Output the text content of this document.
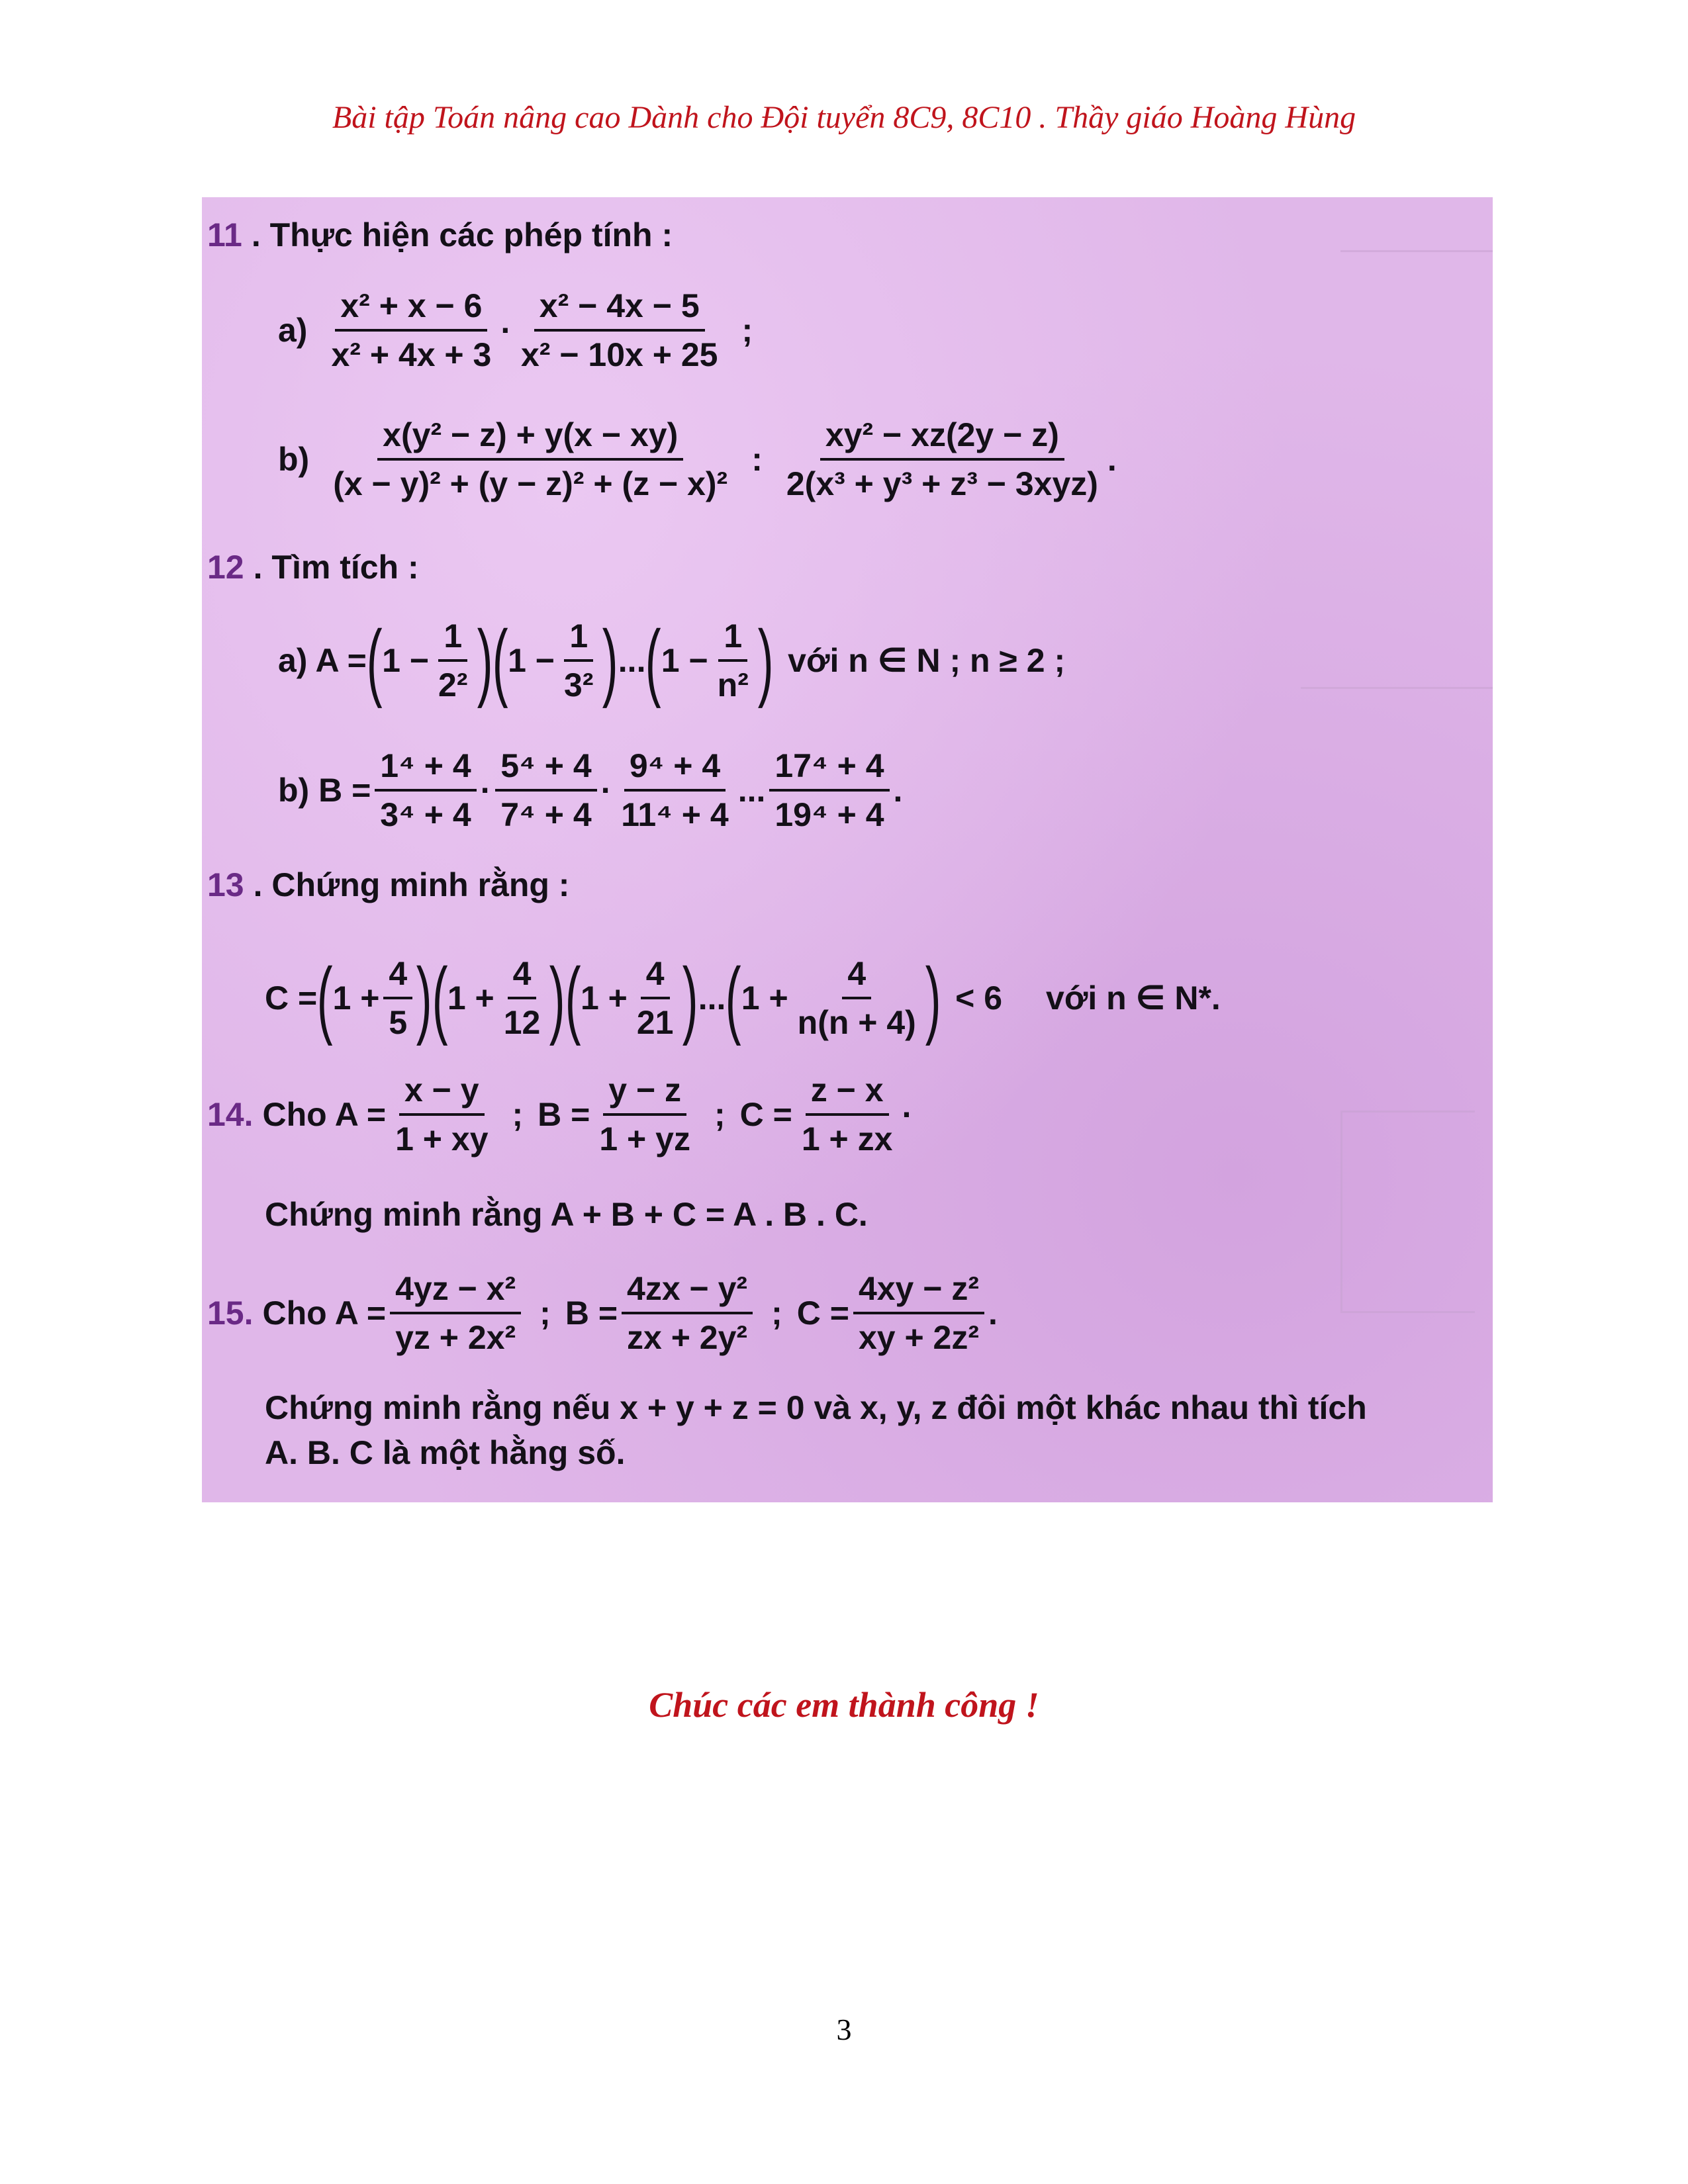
Bài tập Toán nâng cao Dành cho Đội tuyển 8C9, 8C10 . Thầy giáo Hoàng Hùng
11 . Thực hiện các phép tính :
$a) \frac{\text{x² + x − 6}}{\text{x² + 4x + 3}} \cdot \frac{\text{x² − 4x − 5}}{\text{x² − 10x + 25}}$ ;
$b) \frac{\text{x(y² − z) + y(x − xy)}}{\text{(x − y)² + (y − z)² + (z − x)²}}$ : $\frac{\text{xy² − xz(2y − z)}}{\text{2(x³ + y³ + z³ − 3xyz)}}$ .
12 . Tìm tích :
a) A = ( $1 - \frac{1}{\text{2²}}$ ) ( $1 - \frac{1}{\text{3²}}$ ) ... ( $1 - \frac{1}{\text{n²}}$ ) với n ∈ N ; n ≥ 2 ;
b) $B = \frac{\text{1⁴ + 4}}{\text{3⁴ + 4}} \cdot \frac{\text{5⁴ + 4}}{\text{7⁴ + 4}} \cdot \frac{\text{9⁴ + 4}}{\text{11⁴ + 4}}$ ... $\frac{\text{17⁴ + 4}}{\text{19⁴ + 4}}$ .
13 . Chứng minh rằng :
C = ( $1 + \frac{4}{5}$ ) ( $1 + \frac{4}{12}$ ) ( $1 + \frac{4}{21}$ ) ... ( $1 + \frac{4}{n(n + 4)}$ ) < 6 với n ∈ N*.
14. Cho $A = \frac{x - y}{1 + xy}$ ; $B = \frac{y - z}{1 + yz}$ ; $C = \frac{z - x}{1 + zx}$ ·
Chứng minh rằng A + B + C = A . B . C.
15. Cho $A = \frac{\text{4yz − x²}}{\text{yz + 2x²}}$ ; $B = \frac{\text{4zx − y²}}{\text{zx + 2y²}}$ ; $C = \frac{\text{4xy − z²}}{\text{xy + 2z²}}$ .
Chứng minh rằng nếu x + y + z = 0 và x, y, z đôi một khác nhau thì tích
A. B. C là một hằng số.
Chúc các em thành công !
3
